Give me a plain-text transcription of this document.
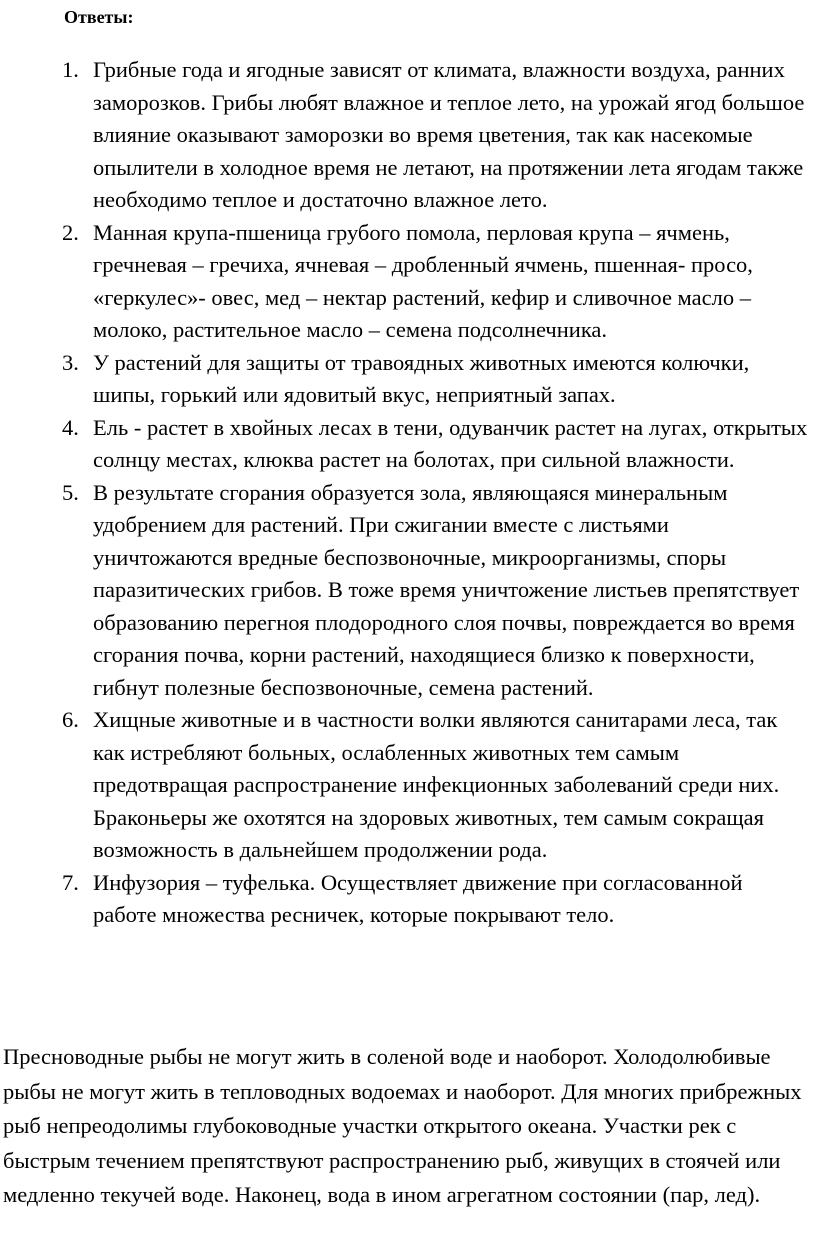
Ответы:
1. Грибные года и ягодные зависят от климата, влажности воздуха, ранних заморозков. Грибы любят влажное и теплое лето, на урожай ягод большое влияние оказывают заморозки во время цветения, так как насекомые опылители в холодное время не летают, на протяжении лета ягодам также необходимо теплое и достаточно влажное лето.
2. Манная крупа-пшеница грубого помола, перловая крупа – ячмень, гречневая – гречиха, ячневая – дробленный ячмень, пшенная- просо, «геркулес»- овес, мед – нектар растений, кефир и сливочное масло – молоко, растительное масло – семена подсолнечника.
3. У растений для защиты от травоядных животных имеются колючки, шипы, горький или ядовитый вкус, неприятный запах.
4. Ель - растет в хвойных лесах в тени, одуванчик растет на лугах, открытых солнцу местах, клюква растет на болотах, при сильной влажности.
5. В результате сгорания образуется зола, являющаяся минеральным удобрением для растений. При сжигании вместе с листьями уничтожаются вредные беспозвоночные, микроорганизмы, споры паразитических грибов. В тоже время уничтожение листьев препятствует образованию перегноя плодородного слоя почвы, повреждается во время сгорания почва, корни растений, находящиеся близко к поверхности, гибнут полезные беспозвоночные, семена растений.
6. Хищные животные и в частности волки являются санитарами леса, так как истребляют больных, ослабленных животных тем самым предотвращая распространение инфекционных заболеваний среди них. Браконьеры же охотятся на здоровых животных, тем самым сокращая возможность в дальнейшем продолжении рода.
7. Инфузория – туфелька. Осуществляет движение при согласованной работе множества ресничек, которые покрывают тело.

Пресноводные рыбы не могут жить в соленой воде и наоборот. Холодолюбивые рыбы не могут жить в тепловодных водоемах и наоборот. Для многих прибрежных рыб непреодолимы глубоководные участки открытого океана. Участки рек с быстрым течением препятствуют распространению рыб, живущих в стоячей или медленно текучей воде. Наконец, вода в ином агрегатном состоянии (пар, лед).
